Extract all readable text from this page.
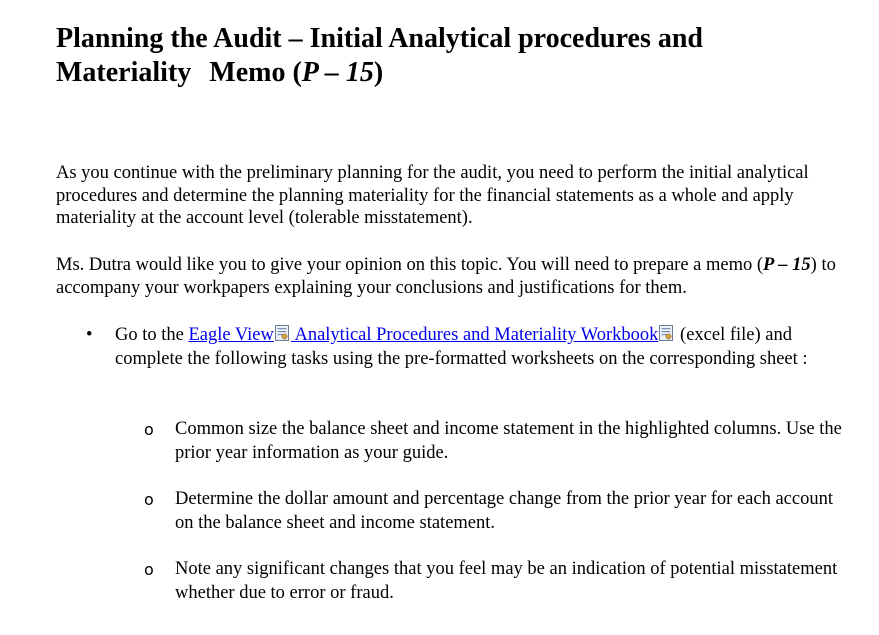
Planning the Audit – Initial Analytical procedures and
Materiality Memo (P – 15)

As you continue with the preliminary planning for the audit, you need to perform the initial analytical procedures and determine the planning materiality for the financial statements as a whole and apply materiality at the account level (tolerable misstatement).

Ms. Dutra would like you to give your opinion on this topic. You will need to prepare a memo (P – 15) to accompany your workpapers explaining your conclusions and justifications for them.

• Go to the Eagle View Analytical Procedures and Materiality Workbook (excel file) and complete the following tasks using the pre-formatted worksheets on the corresponding sheet :
o Common size the balance sheet and income statement in the highlighted columns. Use the prior year information as your guide.
o Determine the dollar amount and percentage change from the prior year for each account on the balance sheet and income statement.
o Note any significant changes that you feel may be an indication of potential misstatement whether due to error or fraud.
